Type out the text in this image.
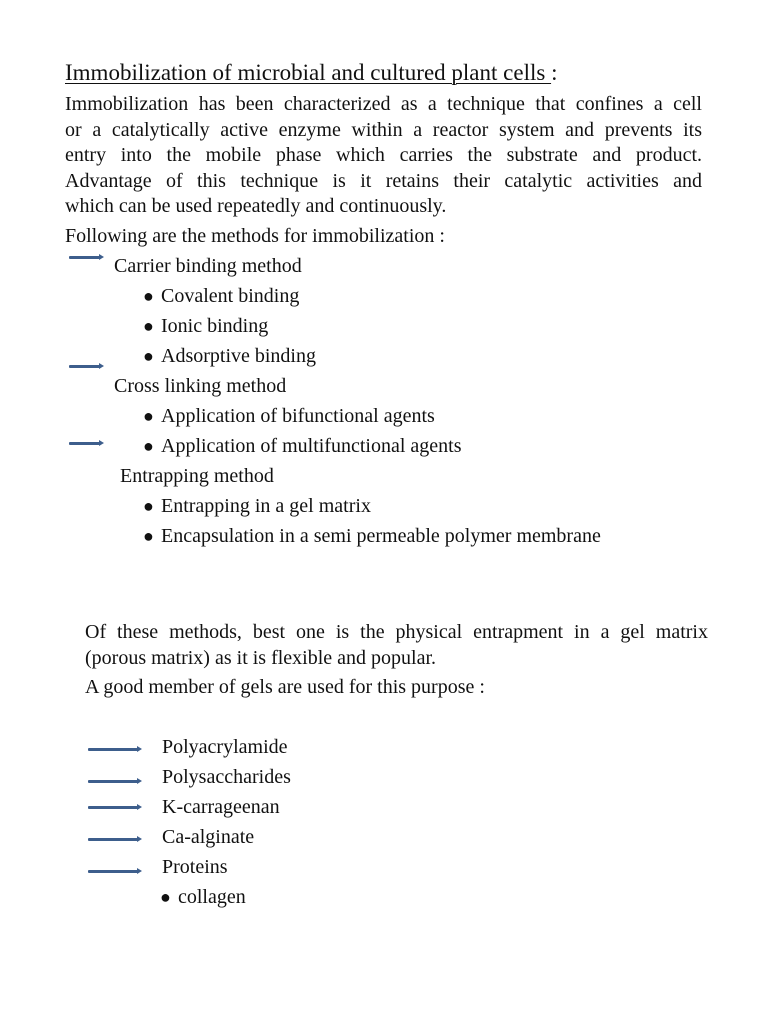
Immobilization of microbial and cultured plant cells :
Immobilization has been characterized as a technique that confines a cell
or a catalytically active enzyme within a reactor system and prevents its
entry into the mobile phase which carries the substrate and product.
Advantage of this technique is it retains their catalytic activities and
which can be used repeatedly and continuously.
Following are the methods for immobilization :
Carrier binding method
● Covalent binding
● Ionic binding
● Adsorptive binding
Cross linking method
● Application of bifunctional agents
● Application of multifunctional agents
Entrapping method
● Entrapping in a gel matrix
● Encapsulation in a semi permeable polymer membrane
Of these methods, best one is the physical entrapment in a gel matrix
(porous matrix) as it is flexible and popular.
A good member of gels are used for this purpose :
Polyacrylamide
Polysaccharides
K-carrageenan
Ca-alginate
Proteins
● collagen
